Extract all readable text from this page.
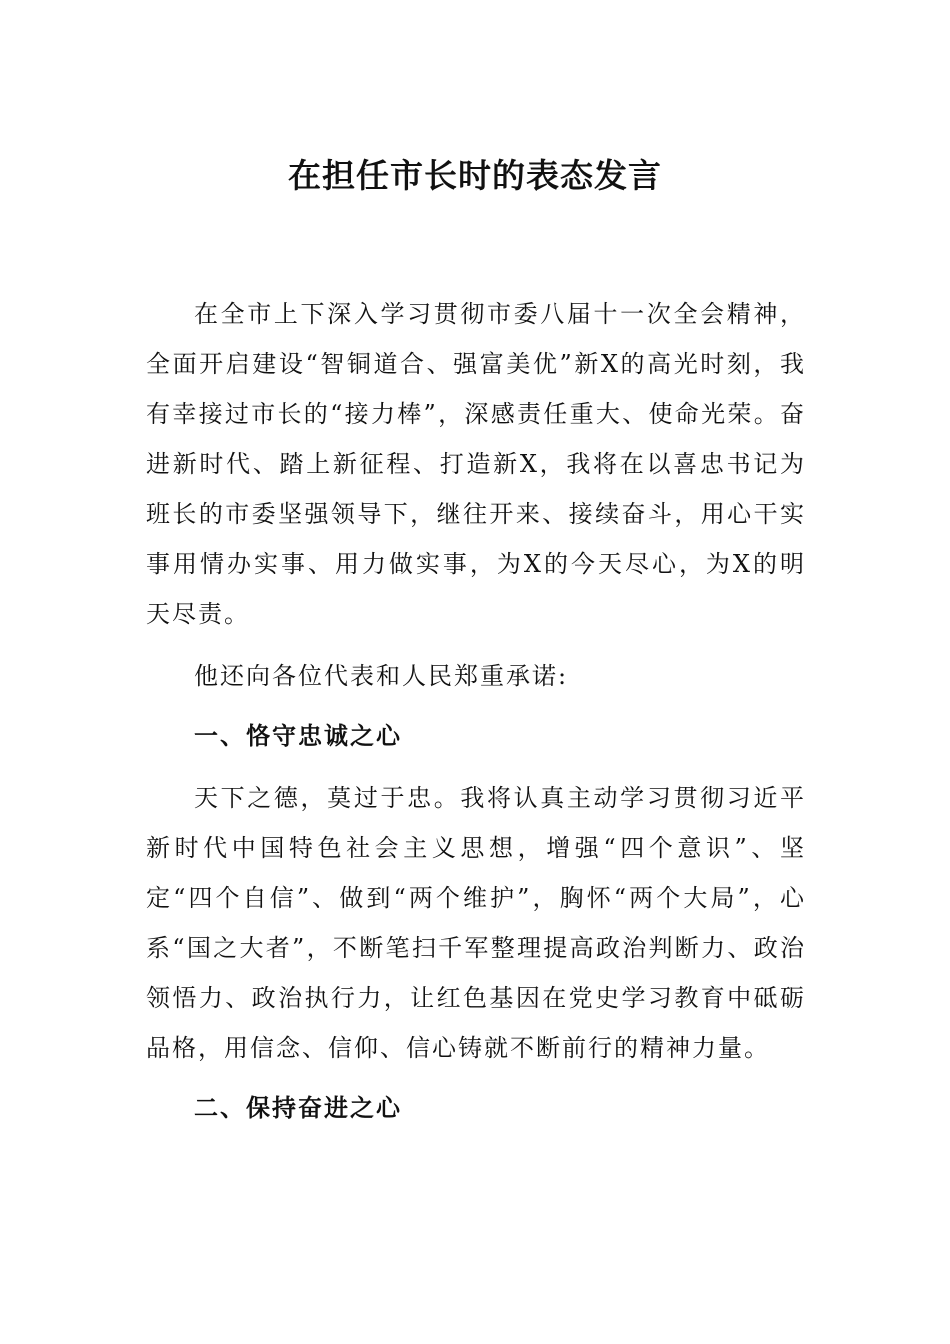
在担任市长时的表态发言
在全市上下深入学习贯彻市委八届十一次全会精神，全面开启建设“智铜道合、强富美优”新X的高光时刻，我有幸接过市长的“接力棒”，深感责任重大、使命光荣。奋进新时代、踏上新征程、打造新X，我将在以喜忠书记为班长的市委坚强领导下，继往开来、接续奋斗，用心干实事用情办实事、用力做实事，为X的今天尽心，为X的明天尽责。
他还向各位代表和人民郑重承诺:
一、恪守忠诚之心
天下之德，莫过于忠。我将认真主动学习贯彻习近平新时代中国特色社会主义思想，增强“四个意识”、坚定“四个自信”、做到“两个维护”，胸怀“两个大局”，心系“国之大者”，不断笔扫千军整理提高政治判断力、政治领悟力、政治执行力，让红色基因在党史学习教育中砥砺品格，用信念、信仰、信心铸就不断前行的精神力量。
二、保持奋进之心
